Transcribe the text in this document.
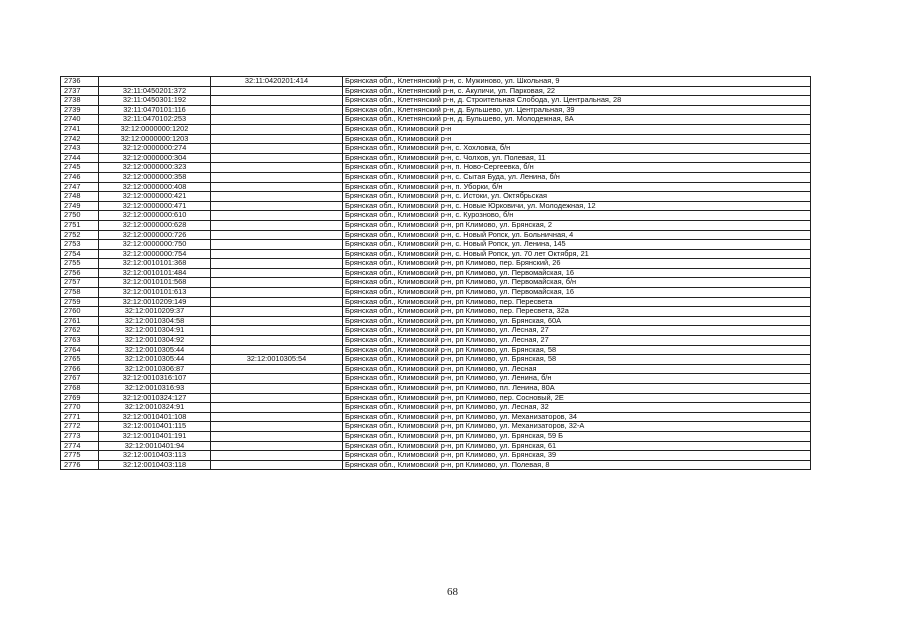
2736		32:11:0420201:414	Брянская обл., Клетнянский р-н, с. Мужиново, ул. Школьная, 9
2737	32:11:0450201:372		Брянская обл., Клетнянский р-н, с. Акуличи, ул. Парковая, 22
2738	32:11:0450301:192		Брянская обл., Клетнянский р-н, д. Строительная Слобода, ул. Центральная, 28
2739	32:11:0470101:116		Брянская обл., Клетнянский р-н, д. Бульшево, ул. Центральная, 39
2740	32:11:0470102:253		Брянская обл., Клетнянский р-н, д. Бульшево, ул. Молодежная, 8А
2741	32:12:0000000:1202		Брянская обл., Климовский р-н
2742	32:12:0000000:1203		Брянская обл., Климовский р-н
2743	32:12:0000000:274		Брянская обл., Климовский р-н, с. Хохловка, б/н
2744	32:12:0000000:304		Брянская обл., Климовский р-н, с. Чолхов, ул. Полевая, 11
2745	32:12:0000000:323		Брянская обл., Климовский р-н, п. Ново-Сергеевка, б/н
2746	32:12:0000000:358		Брянская обл., Климовский р-н, с. Сытая Буда, ул. Ленина, б/н
2747	32:12:0000000:408		Брянская обл., Климовский р-н, п. Уборки, б/н
2748	32:12:0000000:421		Брянская обл., Климовский р-н, с. Истоки, ул. Октябрьская
2749	32:12:0000000:471		Брянская обл., Климовский р-н, с. Новые Юрковичи, ул. Молодежная, 12
2750	32:12:0000000:610		Брянская обл., Климовский р-н, с. Курозново, б/н
2751	32:12:0000000:628		Брянская обл., Климовский р-н, рп Климово, ул. Брянская, 2
2752	32:12:0000000:726		Брянская обл., Климовский р-н, с. Новый Ропск, ул. Больничная, 4
2753	32:12:0000000:750		Брянская обл., Климовский р-н, с. Новый Ропск, ул. Ленина, 145
2754	32:12:0000000:754		Брянская обл., Климовский р-н, с. Новый Ропск, ул. 70 лет Октября, 21
2755	32:12:0010101:368		Брянская обл., Климовский р-н, рп Климово, пер. Брянский, 26
2756	32:12:0010101:484		Брянская обл., Климовский р-н, рп Климово, ул. Первомайская, 16
2757	32:12:0010101:568		Брянская обл., Климовский р-н, рп Климово, ул. Первомайская, б/н
2758	32:12:0010101:613		Брянская обл., Климовский р-н, рп Климово, ул. Первомайская, 16
2759	32:12:0010209:149		Брянская обл., Климовский р-н, рп Климово, пер. Пересвета
2760	32:12:0010209:37		Брянская обл., Климовский р-н, рп Климово, пер. Пересвета, 32а
2761	32:12:0010304:58		Брянская обл., Климовский р-н, рп Климово, ул. Брянская, 60А
2762	32:12:0010304:91		Брянская обл., Климовский р-н, рп Климово, ул. Лесная, 27
2763	32:12:0010304:92		Брянская обл., Климовский р-н, рп Климово, ул. Лесная, 27
2764	32:12:0010305:44		Брянская обл., Климовский р-н, рп Климово, ул. Брянская, 58
2765	32:12:0010305:44	32:12:0010305:54	Брянская обл., Климовский р-н, рп Климово, ул. Брянская, 58
2766	32:12:0010306:87		Брянская обл., Климовский р-н, рп Климово, ул. Лесная
2767	32:12:0010316:107		Брянская обл., Климовский р-н, рп Климово, ул. Ленина, б/н
2768	32:12:0010316:93		Брянская обл., Климовский р-н, рп Климово, пл. Ленина, 80А
2769	32:12:0010324:127		Брянская обл., Климовский р-н, рп Климово, пер. Сосновый, 2Е
2770	32:12:0010324:91		Брянская обл., Климовский р-н, рп Климово, ул. Лесная, 32
2771	32:12:0010401:108		Брянская обл., Климовский р-н, рп Климово, ул. Механизаторов, 34
2772	32:12:0010401:115		Брянская обл., Климовский р-н, рп Климово, ул. Механизаторов, 32-А
2773	32:12:0010401:191		Брянская обл., Климовский р-н, рп Климово, ул. Брянская, 59 Б
2774	32:12:0010401:94		Брянская обл., Климовский р-н, рп Климово, ул. Брянская, 61
2775	32:12:0010403:113		Брянская обл., Климовский р-н, рп Климово, ул. Брянская, 39
2776	32:12:0010403:118		Брянская обл., Климовский р-н, рп Климово, ул. Полевая, 8
68
